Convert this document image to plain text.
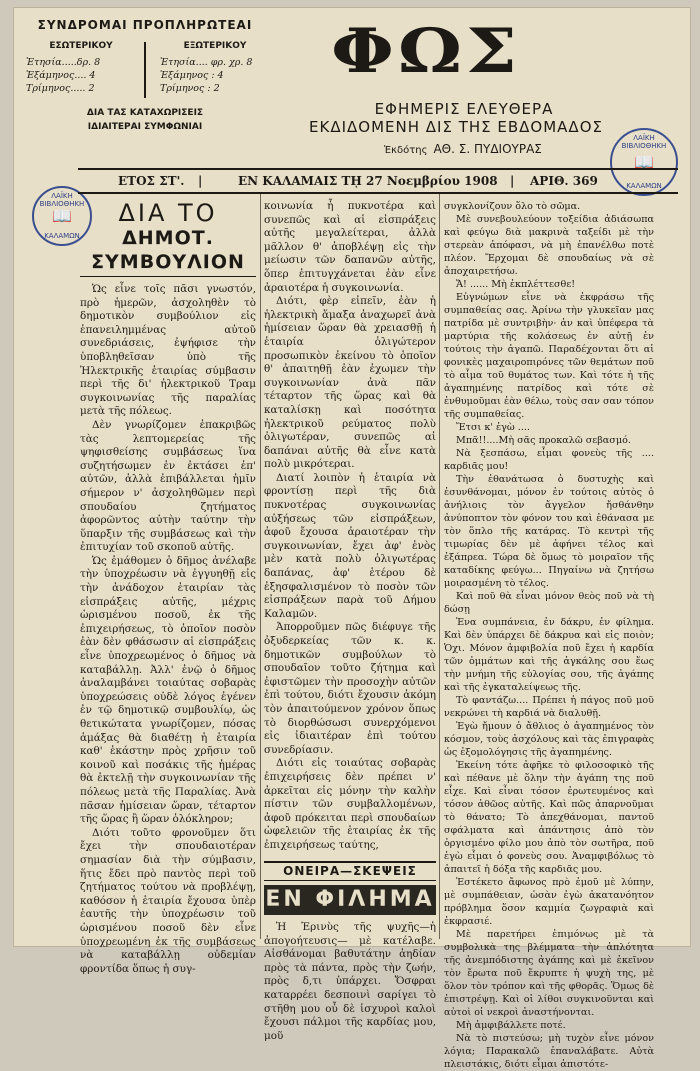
ΣΥΝΔΡΟΜΑΙ ΠΡΟΠΛΗΡΩΤΕΑΙ
ΕΣΩΤΕΡΙΚΟΥ
Ἐτησία.....δρ. 8
Ἑξάμηνος.... 4
Τρίμηνος..... 2
ΕΞΩΤΕΡΙΚΟΥ
Ἐτησία.... φρ. χρ. 8
Ἑξάμηνος : 4
Τρίμηνος : 2
ΔΙΑ ΤΑΣ ΚΑΤΑΧΩΡΙΣΕΙΣ
ΙΔΙΑΙΤΕΡΑΙ ΣΥΜΦΩΝΙΑΙ
ΦΩΣ
ΕΦΗΜΕΡΙΣ ΕΛΕΥΘΕΡΑ
ΕΚΔΙΔΟΜΕΝΗ ΔΙΣ ΤΗΣ ΕΒΔΟΜΑΔΟΣ
Ἐκδότης ΑΘ. Σ. ΠΥΔΙΟΥΡΑΣ
ΛΑΪΚΗ ΒΙΒΛΙΟΘΗΚΗ
📖
ΚΑΛΑΜΩΝ
ΛΑΪΚΗ ΒΙΒΛΙΟΘΗΚΗ
📖
ΚΑΛΑΜΩΝ
ΕΤΟΣ ΣΤ'. |	ΕΝ ΚΑΛΑΜΑΙΣ Τῌ 27 Νοεμβρίου 1908 | ΑΡΙΘ. 369
ΔΙΑ ΤΟ
ΔΗΜΟΤ. ΣΥΜΒΟΥΛΙΟΝ

Ὡς εἶνε τοῖς πᾶσι γνωστόν, πρὸ ἡμερῶν, ἀσχοληθὲν τὸ δημοτικὸν συμβούλιον εἰς ἐπανειλημμένας αὐτοῦ συνεδριάσεις, ἐψήφισε τὴν ὑποβληθεῖσαν ὑπὸ τῆς Ἠλεκτρικῆς ἑταιρίας σύμβασιν περὶ τῆς δι' ἠλεκτρικοῦ Τραμ συγκοινωνίας τῆς παραλίας μετὰ τῆς πόλεως.

Δὲν γνωρίζομεν ἐπακριβῶς τὰς λεπτομερείας τῆς ψηφισθείσης συμβάσεως ἵνα συζητήσωμεν ἐν ἐκτάσει ἐπ' αὐτῶν, ἀλλὰ ἐπιβάλλεται ἡμῖν σήμερον ν' ἀσχοληθῶμεν περὶ σπουδαίου ζητήματος ἀφορῶντος αὐτὴν ταύτην τὴν ὕπαρξιν τῆς συμβάσεως καὶ τὴν ἐπιτυχίαν τοῦ σκοποῦ αὐτῆς.

Ὡς ἐμάθομεν ὁ δῆμος ἀνέλαβε τὴν ὑποχρέωσιν νὰ ἐγγυηθῇ εἰς τὴν ἀνάδοχον ἑταιρίαν τὰς εἰσπράξεις αὐτῆς, μέχρις ὡρισμένου ποσοῦ, ἐκ τῆς ἐπιχειρήσεως, τὸ ὁποῖον ποσὸν ἐὰν δὲν φθάσωσιν αἱ εἰσπράξεις εἶνε ὑποχρεωμένος ὁ δῆμος νὰ καταβάλλῃ. Ἀλλ' ἐνῷ ὁ δῆμος ἀναλαμβάνει τοιαύτας σοβαρὰς ὑποχρεώσεις οὐδὲ λόγος ἐγένεν ἐν τῷ δημοτικῷ συμβουλίῳ, ὡς θετικώτατα γνωρίζομεν, πόσας ἁμάξας θὰ διαθέτῃ ἡ ἑταιρία καθ' ἑκάστην πρὸς χρῆσιν τοῦ κοινοῦ καὶ ποσάκις τῆς ἡμέρας θὰ ἐκτελῇ τὴν συγκοινωνίαν τῆς πόλεως μετὰ τῆς Παραλίας. Ἀνὰ πᾶσαν ἡμίσειαν ὥραν, τέταρτον τῆς ὥρας ἢ ὥραν ὁλόκληρον;

Διότι τοῦτο φρονοῦμεν ὅτι ἔχει τὴν σπουδαιοτέραν σημασίαν διὰ τὴν σύμβασιν, ἥτις ἔδει πρὸ παντὸς περὶ τοῦ ζητήματος τούτου νὰ προβλέψῃ, καθόσον ἡ ἑταιρία ἔχουσα ὑπὲρ ἑαυτῆς τὴν ὑποχρέωσιν τοῦ ὡρισμένου ποσοῦ δὲν εἶνε ὑποχρεωμένη ἐκ τῆς συμβάσεως νὰ καταβάλλῃ οὐδεμίαν φροντίδα ὅπως ἡ συγ-

κοινωνία ἦ πυκνοτέρα καὶ συνεπῶς καὶ αἱ εἰσπράξεις αὐτῆς μεγαλείτεραι, ἀλλὰ μᾶλλον θ' ἀποβλέψῃ εἰς τὴν μείωσιν τῶν δαπανῶν αὐτῆς, ὅπερ ἐπιτυγχάνεται ἐὰν εἶνε ἀραιοτέρα ἡ συγκοινωνία.

Διότι, φὲρ εἰπεῖν, ἐὰν ἡ ἡλεκτρικὴ ἅμαξα ἀναχωρεῖ ἀνὰ ἡμίσειαν ὥραν θὰ χρειασθῇ ἡ ἑταιρία ὀλιγώτερον προσωπικὸν ἐκείνου τὸ ὁποῖον θ' ἀπαιτηθῇ ἐὰν ἐχωμεν τὴν συγκοινωνίαν ἀνὰ πᾶν τέταρτον τῆς ὥρας καὶ θὰ καταλίσκῃ καὶ ποσότητα ἠλεκτρικοῦ ρεύματος πολὺ ὀλιγωτέραν, συνεπῶς αἱ δαπάναι αὐτῆς θὰ εἶνε κατὰ πολὺ μικρότεραι.

Διατί λοιπὸν ἡ ἑταιρία νὰ φροντίσῃ περὶ τῆς διὰ πυκνοτέρας συγκοινωνίας αὐξήσεως τῶν εἰσπράξεων, ἀφοῦ ἔχουσα ἀραιοτέραν τὴν συγκοινωνίαν, ἔχει ἀφ' ἑνὸς μὲν κατὰ πολὺ ὀλιγωτέρας δαπάνας, ἀφ' ἑτέρου δὲ ἐξησφαλισμένον τὸ ποσὸν τῶν εἰσπράξεων παρὰ τοῦ Δήμου Καλαμῶν.

Ἀπορροῦμεν πῶς διέφυγε τῆς ὀξυδερκείας τῶν κ. κ. δημοτικῶν συμβούλων τὸ σπουδαῖον τοῦτο ζήτημα καὶ ἐφιστῶμεν τὴν προσοχὴν αὐτῶν ἐπὶ τούτου, διότι ἔχουσιν ἀκόμη τὸν ἀπαιτούμενον χρόνον ὅπως τὸ διορθώσωσι συνερχόμενοι εἰς ἰδιαιτέραν ἐπὶ τούτου συνεδρίασιν.

Διότι εἰς τοιαύτας σοβαρὰς ἐπιχειρήσεις δὲν πρέπει ν' ἀρκεῖται εἰς μόνην τὴν καλὴν πίστιν τῶν συμβαλλομένων, ἀφοῦ πρόκειται περὶ σπουδαίων ὠφελειῶν τῆς ἑταιρίας ἐκ τῆς ἐπιχειρήσεως ταύτης,

ΟΝΕΙΡΑ—ΣΚΕΨΕΙΣ
ΕΝ ΦΙΛΗΜΑ

Ἡ Ἐρινὺς τῆς ψυχῆς—ἡ ἀπογοήτευσις— μὲ κατέλαβε. Αἰσθάνομαι βαθυτάτην ἀηδίαν πρὸς τὰ πάντα, πρὸς τὴν ζωήν, πρὸς δ,τι ὑπάρχει. Ὄσφραι καταρρέει δεσποινὶ σαρίγει τὸ στῆθη μου οὖ δὲ ἰσχυροὶ καλοὶ ἔχουσι πάλμοι τῆς καρδίας μου, μοῦ

συγκλονίζουν ὅλο τὸ σῶμα.

Μὲ συνεβουλεύουν τοξείδια ἀδιάσωπα καὶ φεύγω διὰ μακρινὰ ταξείδι μὲ τὴν στερεὰν ἀπόφασι, νὰ μὴ ἐπανέλθω ποτὲ πλέον. Ἔρχομαι δὲ σπουδαίως νὰ σὲ ἀποχαιρετήσω.

Ἄ! ...... Μὴ ἐκπλέττεσθε!

Εὐγνώμων εἶνε νὰ ἐκφράσω τῆς συμπαθείας σας. Ἀρίνω τὴν γλυκεῖαν μας πατρίδα μὲ συντριβὴν· ἀν καὶ ὑπέφερα τὰ μαρτύρια τῆς κολάσεως ἐν αὐτῇ ἐν τούτοις τὴν ἀγαπῶ. Παραδέχονται ὅτι αἱ φονικὲς μαχαιροπιρόνες τῶν θεμάτων ποῦ τὸ αἷμα τοῦ θυμάτος των. Καὶ τότε ἡ τῆς ἀγαπημένης πατρίδος καὶ τότε σὲ ἐνθυμοῦμαι ἐὰν θέλω, τοὺς σαν σαν τόπον τῆς συμπαθείας.

Ἔτσι κ' ἐγὼ ....

Μπᾶ!!....Μὴ σᾶς προκαλῶ σεβασμό.

Νὰ ξεσπάσω, εἶμαι φονεὺς τῆς .... καρδιᾶς μου!

Τὴν ἐθανάτωσα ὁ δυστυχὴς καὶ ἐσυνθάνομαι, μόνον ἐν τούτοις αὐτὸς ὁ ἀνήλιοις τὸν ἄγγελον ἤσθάνθην ἀνύποπτον τὸν φόνον του καὶ ἐθάνασα με τὸν ὅπλο τῆς κατάρας. Τὸ κεντρὶ τῆς τιμωρίας δὲν μὲ ἀφήνει τέλος καὶ ἑξάπρεα. Τώρα δὲ ὅμως τὸ μοιραῖον τῆς καταδίκης φεύγω... Πηγαίνω νὰ ζητήσω μοιρασμένη τὸ τέλος.

Καὶ ποῦ θὰ εἶναι μόνον θεὸς ποῦ νὰ τὴ δώσῃ

Ἐνα συμπάνεια, ἐν δάκρυ, ἐν φίλημα. Καὶ δὲν ὑπάρχει δὲ δάκρυα καὶ εἰς ποιὸν; Ὁχι. Μόνον ἀμφιβολία ποῦ ἔχει ἡ καρδία τῶν ὀμμάτων καὶ τῆς ἀγκάλης σου ἕως τὴν μνήμη τῆς εὐλογίας σου, τῆς ἀγάπης καὶ τῆς ἐγκαταλείψεως τῆς.

Τὸ φαντάζω.... Πρέπει ἡ πάγος ποῦ μοῦ νεκρώνει τὴ καρδιά νὰ διαλυθῇ.

Ἐγὼ ἤμουν ὁ ἄθλιος ὁ ἀγαπημένος τὸν κόσμον, τοὺς ἀσχόλους καὶ τὰς ἐπιγραφὰς ὡς ἐξομολόγησις τῆς ἀγαπημένης.

Ἐκείνη τότε ἀφῆκε τὸ φιλοσοφικὸ τῆς καὶ πέθανε μὲ ὅλην τὴν ἀγάπη της ποῦ εἶχε. Καὶ εἶναι τόσον ἐρωτευμένος καὶ τόσον ἀθῶος αὐτῆς. Καὶ πῶς ἀπαρνοῦμαι τὸ θάνατο; Τὸ ἀπεχθάνομαι, παντοῦ σφάλματα καὶ ἀπάντησις ἀπὸ τὸν ὀργισμένο φίλο μου ἀπὸ τὸν σωτῆρα, ποῦ ἐγὼ εἶμαι ὁ φονεὺς σου. Ἀναμφιβόλως τὸ ἀπαιτεῖ ἡ δόξα τῆς καρδιᾶς μου.

Ἐστέκετο ἄφωνος πρὸ ἐμοῦ μὲ λύπην, μὲ συμπάθειαν, ὡσὰν ἐγὼ ἀκατανόητον πρόβλημα ὅσον καμμία ζωγραφιὰ καὶ ἐκφρασιέ.

Μὲ παρετήρει ἐπιμόνως μὲ τὰ συμβολικὰ της βλέμματα τὴν ἀπλότητα τῆς ἀνεμπόδιστης ἀγάπης καὶ μὲ ἐκεῖνον τὸν ἔρωτα ποῦ ἔκρυπτε ἡ ψυχὴ της, μὲ ὅλον τὸν τρόπον καὶ τῆς φθορᾶς. Ὅμως δὲ ἐπιστρέψῃ. Καὶ οἱ λίθοι συγκινοῦνται καὶ αὐτοὶ οἱ νεκροὶ ἀναστήνονται.

Μὴ ἀμφιβάλλετε ποτέ.

Νὰ τὸ πιστεύσω; μὴ τυχὸν εἶνε μόνον λόγια; Παρακαλῶ ἐπαναλάβατε. Αὐτὰ πλειστάκις, διότι εἶμαι ἀπιστότε-
